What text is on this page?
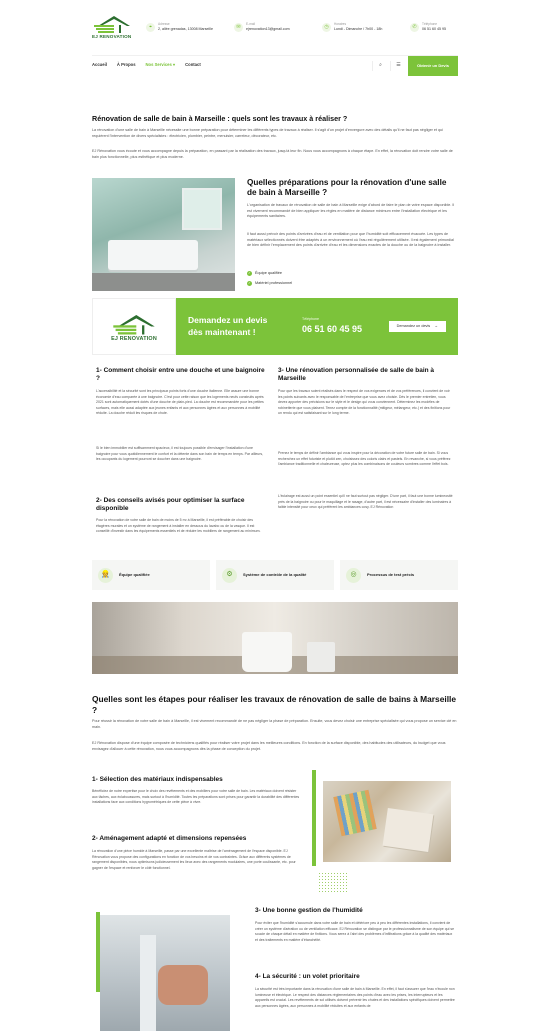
EJ RENOVATION
⌖	Adresse
2, allée grenadas, 13008 Marseille	✉	E-mail
ejrenovation13@gmail.com	◷	Horaires
Lundi - Dimanche / 7h00 - 18h	✆	Téléphone
06 51 60 45 95
Accueil À Propos Nos Services ▾ Contact	⌕	☰	Obtenir un Devis
Rénovation de salle de bain à Marseille : quels sont les travaux à réaliser ?

La rénovation d'une salle de bain à Marseille nécessite une bonne préparation pour déterminer les différents types de travaux à réaliser. Il s'agit d'un projet d'envergure avec des détails qu'il ne faut pas négliger et qui requièrent l'intervention de divers spécialistes : électricien, plombier, peintre, menuisier, carreleur, décorateur, etc.

EJ Rénovation vous écoute et vous accompagne depuis la préparation, en passant par la réalisation des travaux, jusqu'à leur fin. Nous vous accompagnons à chaque étape. En effet, la rénovation doit rendre votre salle de bain plus fonctionnelle, plus esthétique et plus moderne.

Quelles préparations pour la rénovation d'une salle de bain à Marseille ?

L'organisation de travaux de rénovation de salle de bain à Marseille exige d'abord de faire le plan de votre espace disponible. Il est vivement recommandé de bien appliquer les règles en matière de distance minimum entre l'installation électrique et les équipements sanitaires.

Il faut aussi prévoir des points d'arrivées d'eau et de ventilation pour que l'humidité soit efficacement évacuée. Les types de matériaux sélectionnés doivent être adaptés à un environnement où l'eau est régulièrement utilisée. Il est également primordial de bien définir l'emplacement des points d'arrivée d'eau et les dimensions exactes de la douche ou de la baignoire à installer.

✓ Équipe qualifiée
✓ Matériel professionnel
EJ RENOVATION
Demandez un devis dès maintenant !
Téléphone
06 51 60 45 95	Demandez un devis →
1- Comment choisir entre une douche et une baignoire ?

L'accessibilité et la sécurité sont les principaux points forts d'une douche italienne. Elle assure une bonne économie d'eau comparée à une baignoire. C'est pour cette raison que les logements neufs construits après 2021 sont automatiquement dotés d'une douche de plain-pied. La douche est recommandée pour les petites surfaces, mais elle aussi adaptée aux jeunes enfants et aux personnes âgées et aux personnes à mobilité réduite. La douche réduit les risques de chute.

Si le bien immobilier est suffisamment spacieux, il est toujours possible d'envisager l'installation d'une baignoire pour vous quotidiennement le confort et la détente dans son bain de temps en temps. Par ailleurs, les occupants du logement pourront se doucher dans une baignoire.

2- Des conseils avisés pour optimiser la surface disponible

Pour la rénovation de votre salle de bain de moins de 5 m² à Marseille, il est préférable de choisir des étagères murales et un système de rangement à installer en dessous du lavabo ou de la vasque. Il est conseillé d'investir dans les équipements essentiels et de réduire les mobiliers de rangement au minimum.

3- Une rénovation personnalisée de salle de bain à Marseille

Pour que les travaux soient réalisés dans le respect de vos exigences et de vos préférences, il convient de voir les points suivants avec le responsable de l'entreprise que vous avez choisie. Dès le premier entretien, vous devez apporter des précisions sur le style et le design qui vous conviennent. Déterminez les modèles de robinetterie que vous plaisent. Tenez compte de la fonctionnalité (mitigeur, mélangeur, etc.) et des finitions pour un rendu qui est satisfaisant sur le long terme.

Prenez le temps de définir l'ambiance qui vous inspire pour la décoration de votre future salle de bain. Si vous recherchez un effet futuriste et plutôt zen, choisissez des coloris clairs et pastels. En revanche, si vous préférez l'ambiance traditionnelle et chaleureuse, optez plus les combinaisons de couleurs sombres comme l'effet bois.

L'éclairage est aussi un point essentiel qu'il ne faut surtout pas négliger. D'une part, il faut une bonne lumineosité près de la baignoire ou pour le maquillage et le rasage, d'autre part, il est nécessaire d'installer des luminaires à faible intensité pour ceux qui préfèrent les ambiances cosy. EJ Rénovation

👷	Équipe qualifiée	⚙	Système de contrôle de la qualité	◎	Processus de test précis
Quelles sont les étapes pour réaliser les travaux de rénovation de salle de bains à Marseille ?

Pour réussir la rénovation de votre salle de bain à Marseille, il est vivement recommandé de ne pas négliger la phase de préparation. Ensuite, vous devez choisir une entreprise spécialisée qui vous propose un service clé en main.

EJ Rénovation dispose d'une équipe composée de techniciens qualifiés pour réaliser votre projet dans les meilleures conditions. En fonction de la surface disponible, des habitudes des utilisateurs, du budget que vous envisagez d'allouer à cette rénovation, nous vous accompagnons dès la phase de conception du projet.

1- Sélection des matériaux indispensables

Bénéficiez de notre expertise pour le choix des revêtements et des mobiliers pour votre salle de bain. Les matériaux doivent résister aux tâches, aux éclaboussures, mais surtout à l'humidité. Toutes les préparations sont prises pour garantir la durabilité des différentes installations face aux conditions hygrométriques de cette pièce à vivre.

2- Aménagement adapté et dimensions repensées

La rénovation d'une pièce humide à Marseille, passe par une excellente maîtrise de l'aménagement de l'espace disponible. EJ Rénovation vous propose des configurations en fonction de vos besoins et de vos contraintes. Grâce aux différents systèmes de rangement disponibles, nous optimisons judicieusement les lieux avec des rangements modulaires, une porte coulissante, etc. pour gagner de l'espace et renforcer le côté fonctionnel.

3- Une bonne gestion de l'humidité

Pour éviter que l'humidité s'accumule dans votre salle de bain et détériore peu à peu les différentes installations, il convient de créer un système d'aération ou de ventilation efficace. EJ Rénovation se distingue par le professionnalisme de son équipe qui se soucie de chaque détail en matière de finitions. Vous serez à l'abri des problèmes d'infiltrations grâce à la qualité des matériaux et des traitements en matière d'étanchéité.

4- La sécurité : un volet prioritaire

La sécurité est très importante dans la rénovation d'une salle de bain à Marseille. En effet, il faut s'assurer que l'eau n'écoule non lumineuse et électrique. Le respect des distances réglementaires des points d'eau avec les prises, les interrupteurs et les appareils est crucial. Les revêtements de sol utilisés doivent prévenir les chutes et des installations spécifiques doivent permettre aux personnes âgées, aux personnes à mobilité réduites et aux enfants de
